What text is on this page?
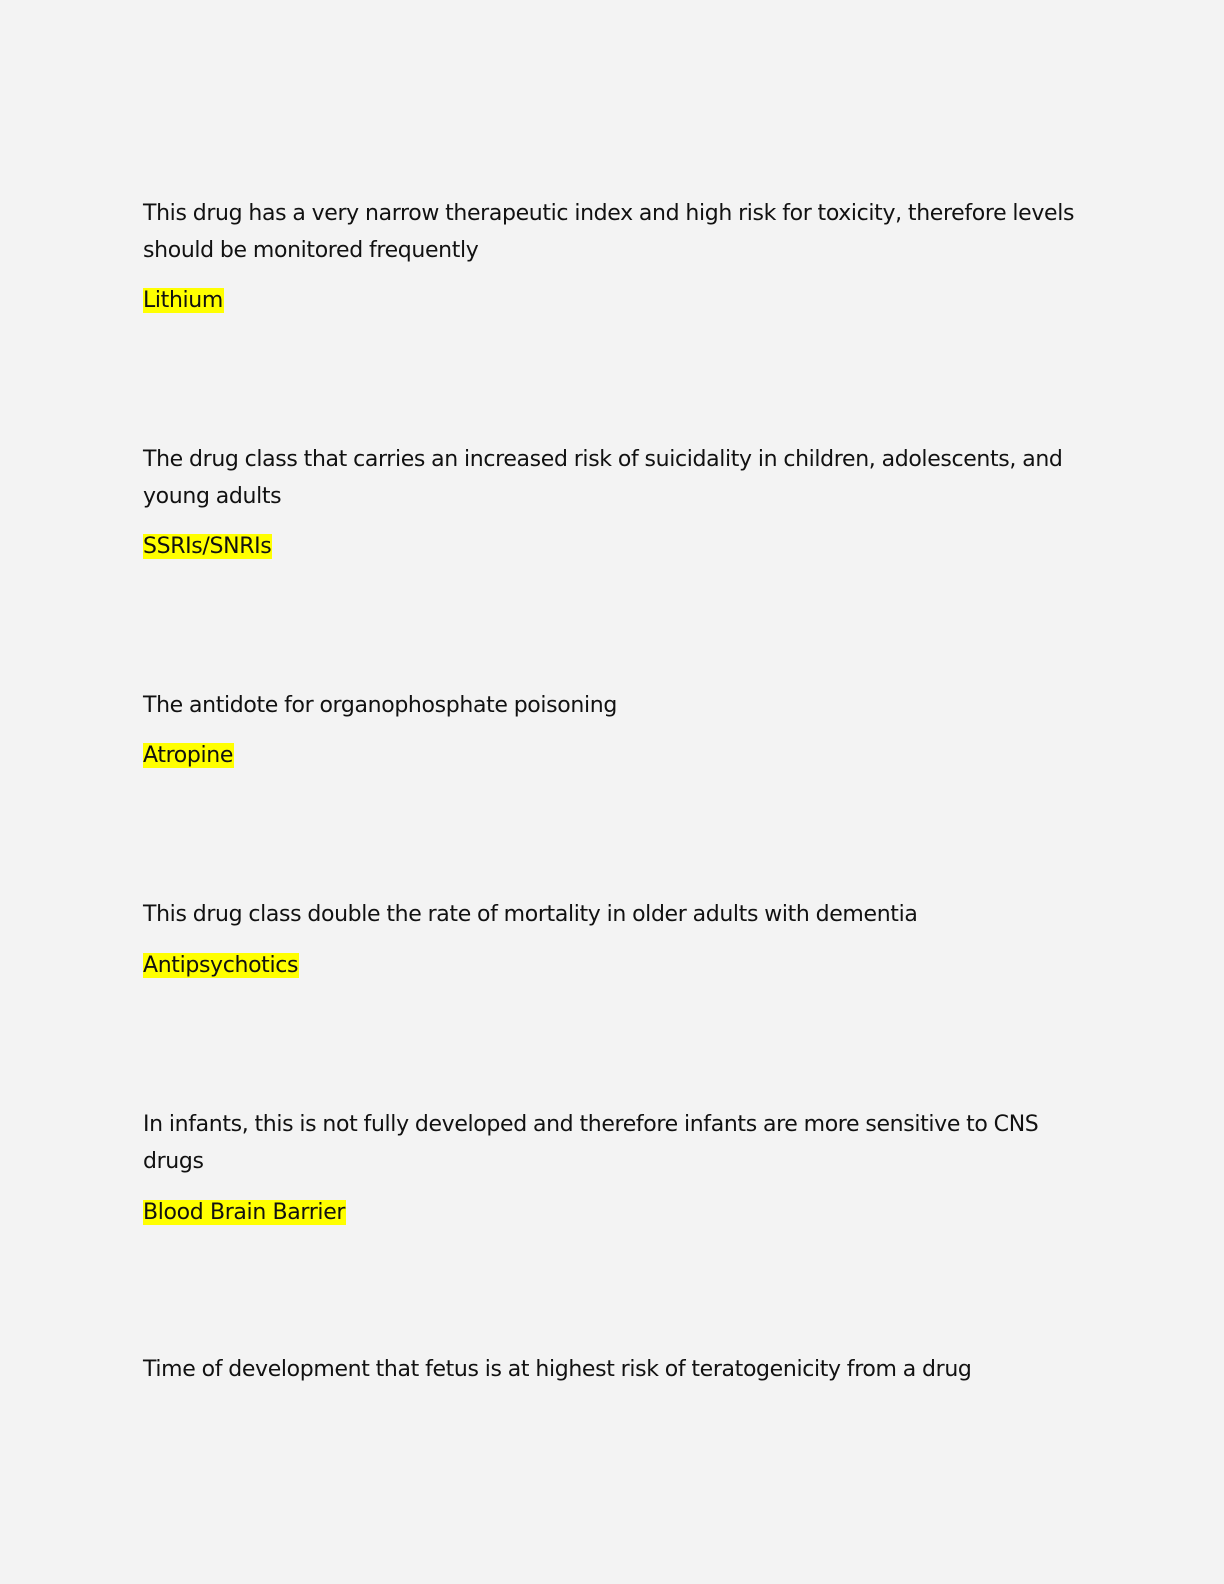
This drug has a very narrow therapeutic index and high risk for toxicity, therefore levels should be monitored frequently

Lithium

The drug class that carries an increased risk of suicidality in children, adolescents, and young adults

SSRIs/SNRIs

The antidote for organophosphate poisoning

Atropine

This drug class double the rate of mortality in older adults with dementia

Antipsychotics

In infants, this is not fully developed and therefore infants are more sensitive to CNS drugs

Blood Brain Barrier

Time of development that fetus is at highest risk of teratogenicity from a drug
